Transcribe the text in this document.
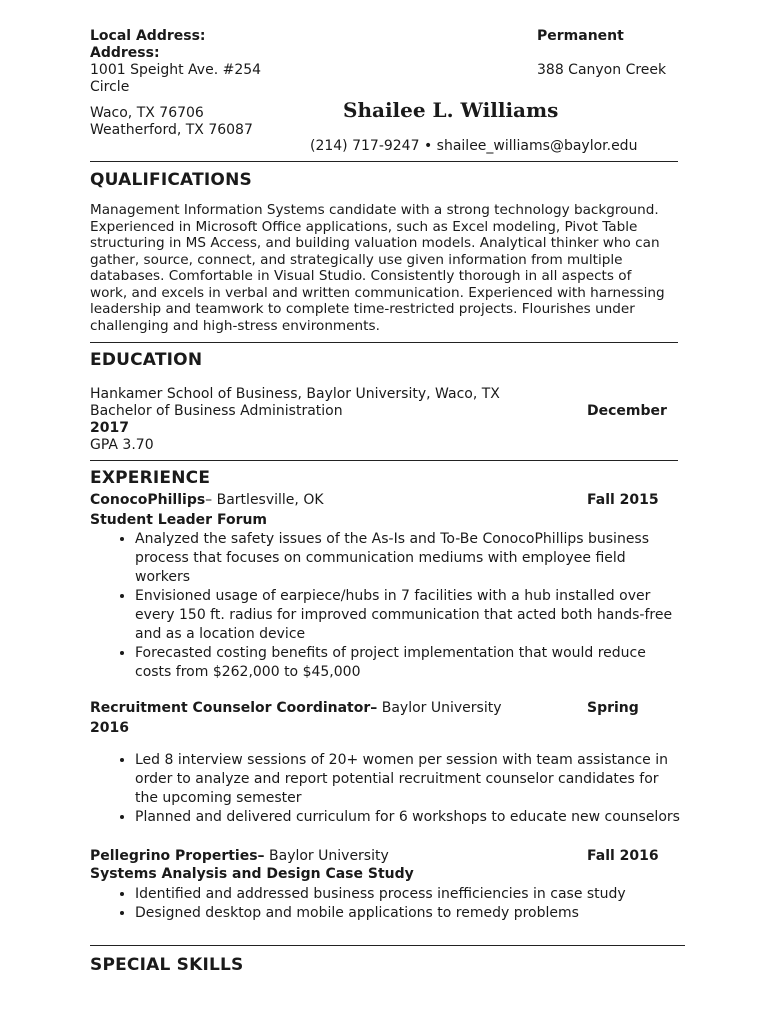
Local Address:
Address:
1001 Speight Ave. #254
Circle
Waco, TX 76706
Weatherford, TX 76087
Permanent
388 Canyon Creek
Shailee L. Williams
(214) 717-9247 • shailee_williams@baylor.edu
QUALIFICATIONS
Management Information Systems candidate with a strong technology background.
Experienced in Microsoft Office applications, such as Excel modeling, Pivot Table
structuring in MS Access, and building valuation models. Analytical thinker who can
gather, source, connect, and strategically use given information from multiple
databases. Comfortable in Visual Studio. Consistently thorough in all aspects of
work, and excels in verbal and written communication. Experienced with harnessing
leadership and teamwork to complete time-restricted projects. Flourishes under
challenging and high-stress environments.
EDUCATION
Hankamer School of Business, Baylor University, Waco, TX
Bachelor of Business Administration	December
2017
GPA 3.70
EXPERIENCE
ConocoPhillips– Bartlesville, OK	Fall 2015
Student Leader Forum
• Analyzed the safety issues of the As-Is and To-Be ConocoPhillips business
process that focuses on communication mediums with employee field
workers
• Envisioned usage of earpiece/hubs in 7 facilities with a hub installed over
every 150 ft. radius for improved communication that acted both hands-free
and as a location device
• Forecasted costing benefits of project implementation that would reduce
costs from $262,000 to $45,000
Recruitment Counselor Coordinator– Baylor University	Spring
2016
• Led 8 interview sessions of 20+ women per session with team assistance in
order to analyze and report potential recruitment counselor candidates for
the upcoming semester
• Planned and delivered curriculum for 6 workshops to educate new counselors
Pellegrino Properties– Baylor University	Fall 2016
Systems Analysis and Design Case Study
• Identified and addressed business process inefficiencies in case study
• Designed desktop and mobile applications to remedy problems
SPECIAL SKILLS
